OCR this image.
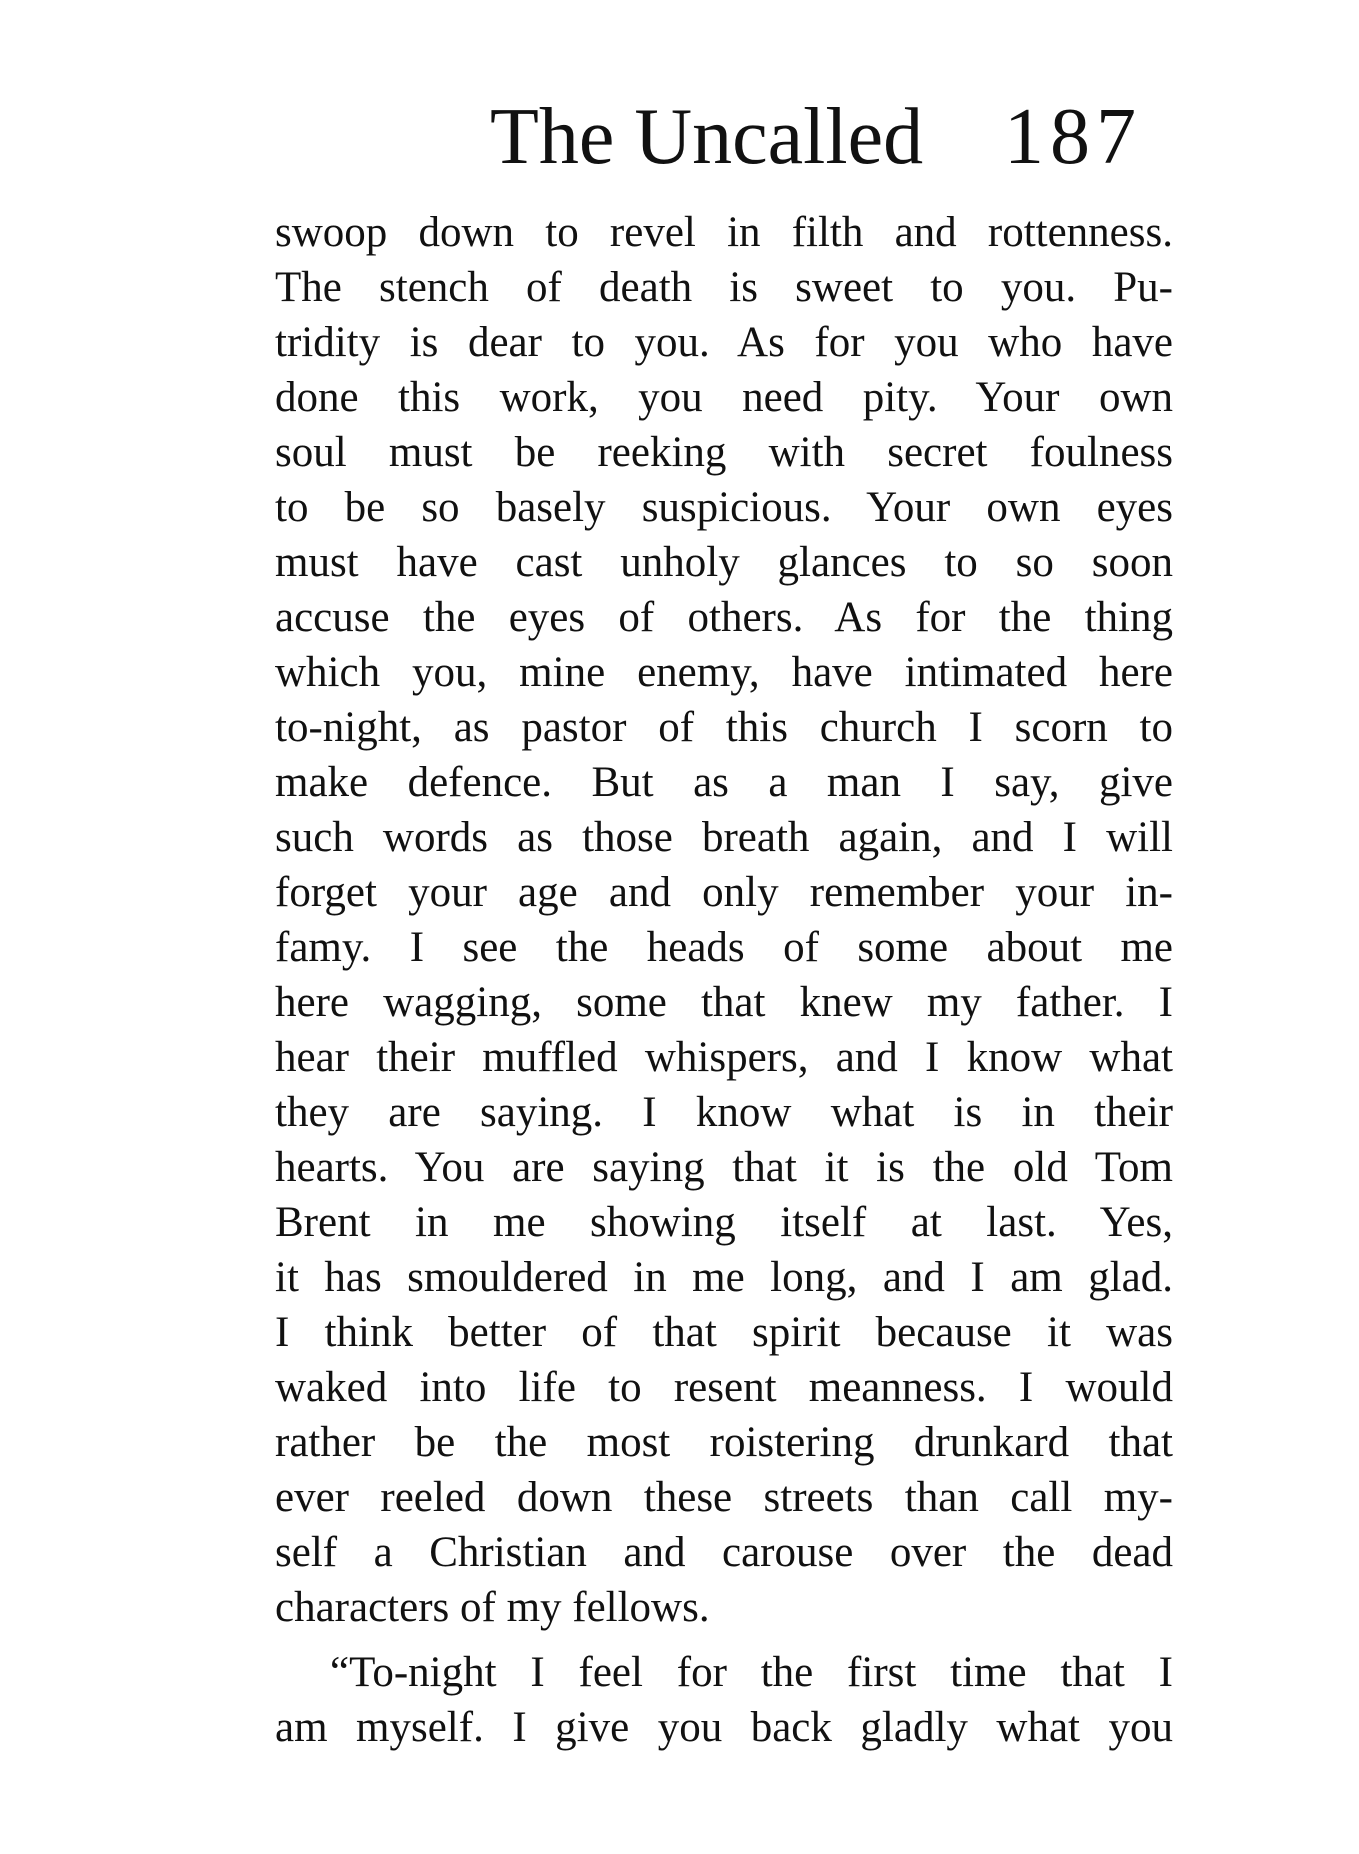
The Uncalled 187
swoop down to revel in filth and rottenness.
The stench of death is sweet to you. Pu-
tridity is dear to you. As for you who have
done this work, you need pity. Your own
soul must be reeking with secret foulness
to be so basely suspicious. Your own eyes
must have cast unholy glances to so soon
accuse the eyes of others. As for the thing
which you, mine enemy, have intimated here
to-night, as pastor of this church I scorn to
make defence. But as a man I say, give
such words as those breath again, and I will
forget your age and only remember your in-
famy. I see the heads of some about me
here wagging, some that knew my father. I
hear their muffled whispers, and I know what
they are saying. I know what is in their
hearts. You are saying that it is the old Tom
Brent in me showing itself at last. Yes,
it has smouldered in me long, and I am glad.
I think better of that spirit because it was
waked into life to resent meanness. I would
rather be the most roistering drunkard that
ever reeled down these streets than call my-
self a Christian and carouse over the dead
characters of my fellows.
“To-night I feel for the first time that I
am myself. I give you back gladly what you
